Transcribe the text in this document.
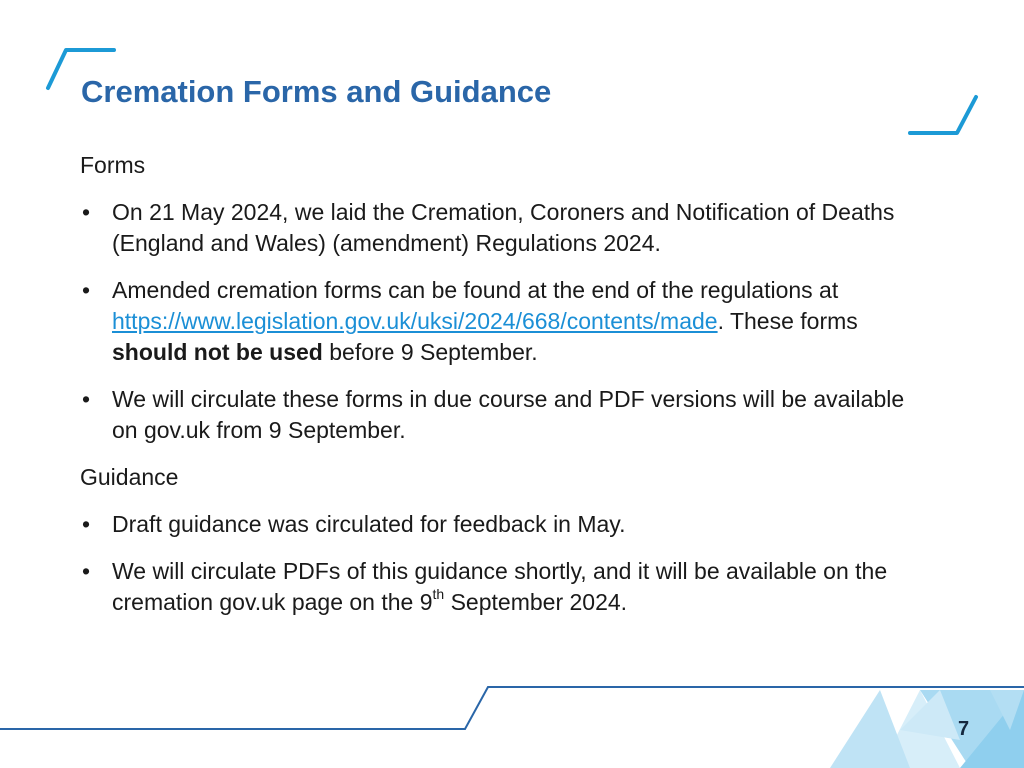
Cremation Forms and Guidance

Forms

• On 21 May 2024, we laid the Cremation, Coroners and Notification of Deaths (England and Wales) (amendment) Regulations 2024.
• Amended cremation forms can be found at the end of the regulations at https://www.legislation.gov.uk/uksi/2024/668/contents/made. These forms should not be used before 9 September.
• We will circulate these forms in due course and PDF versions will be available on gov.uk from 9 September.

Guidance

• Draft guidance was circulated for feedback in May.
• We will circulate PDFs of this guidance shortly, and it will be available on the cremation gov.uk page on the 9th September 2024.
7
